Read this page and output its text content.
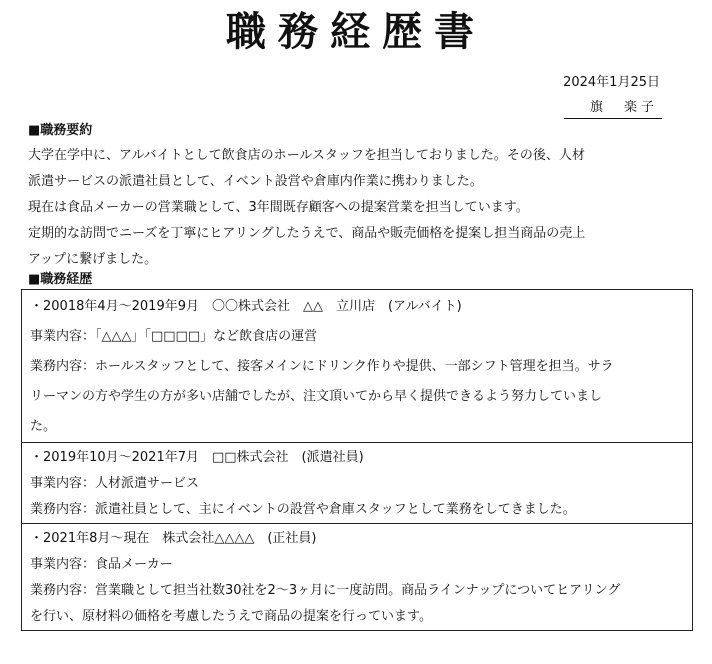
職務経歴書
2024年1月25日
旗　楽子
■職務要約
大学在学中に、アルバイトとして飲食店のホールスタッフを担当しておりました。その後、人材
派遣サービスの派遣社員として、イベント設営や倉庫内作業に携わりました。
現在は食品メーカーの営業職として、3年間既存顧客への提案営業を担当しています。
定期的な訪問でニーズを丁寧にヒアリングしたうえで、商品や販売価格を提案し担当商品の売上
アップに繋げました。
■職務経歴
・20018年4月～2019年9月　〇〇株式会社　△△　立川店　(アルバイト)
事業内容：「△△△」「□□□□」など飲食店の運営
業務内容：ホールスタッフとして、接客メインにドリンク作りや提供、一部シフト管理を担当。サラ
リーマンの方や学生の方が多い店舗でしたが、注文頂いてから早く提供できるよう努力していまし
た。
・2019年10月～2021年7月　□□株式会社　(派遣社員)
事業内容：人材派遣サービス
業務内容：派遣社員として、主にイベントの設営や倉庫スタッフとして業務をしてきました。
・2021年8月～現在　株式会社△△△△　(正社員)
事業内容：食品メーカー
業務内容：営業職として担当社数30社を2～3ヶ月に一度訪問。商品ラインナップについてヒアリング
を行い、原材料の価格を考慮したうえで商品の提案を行っています。
